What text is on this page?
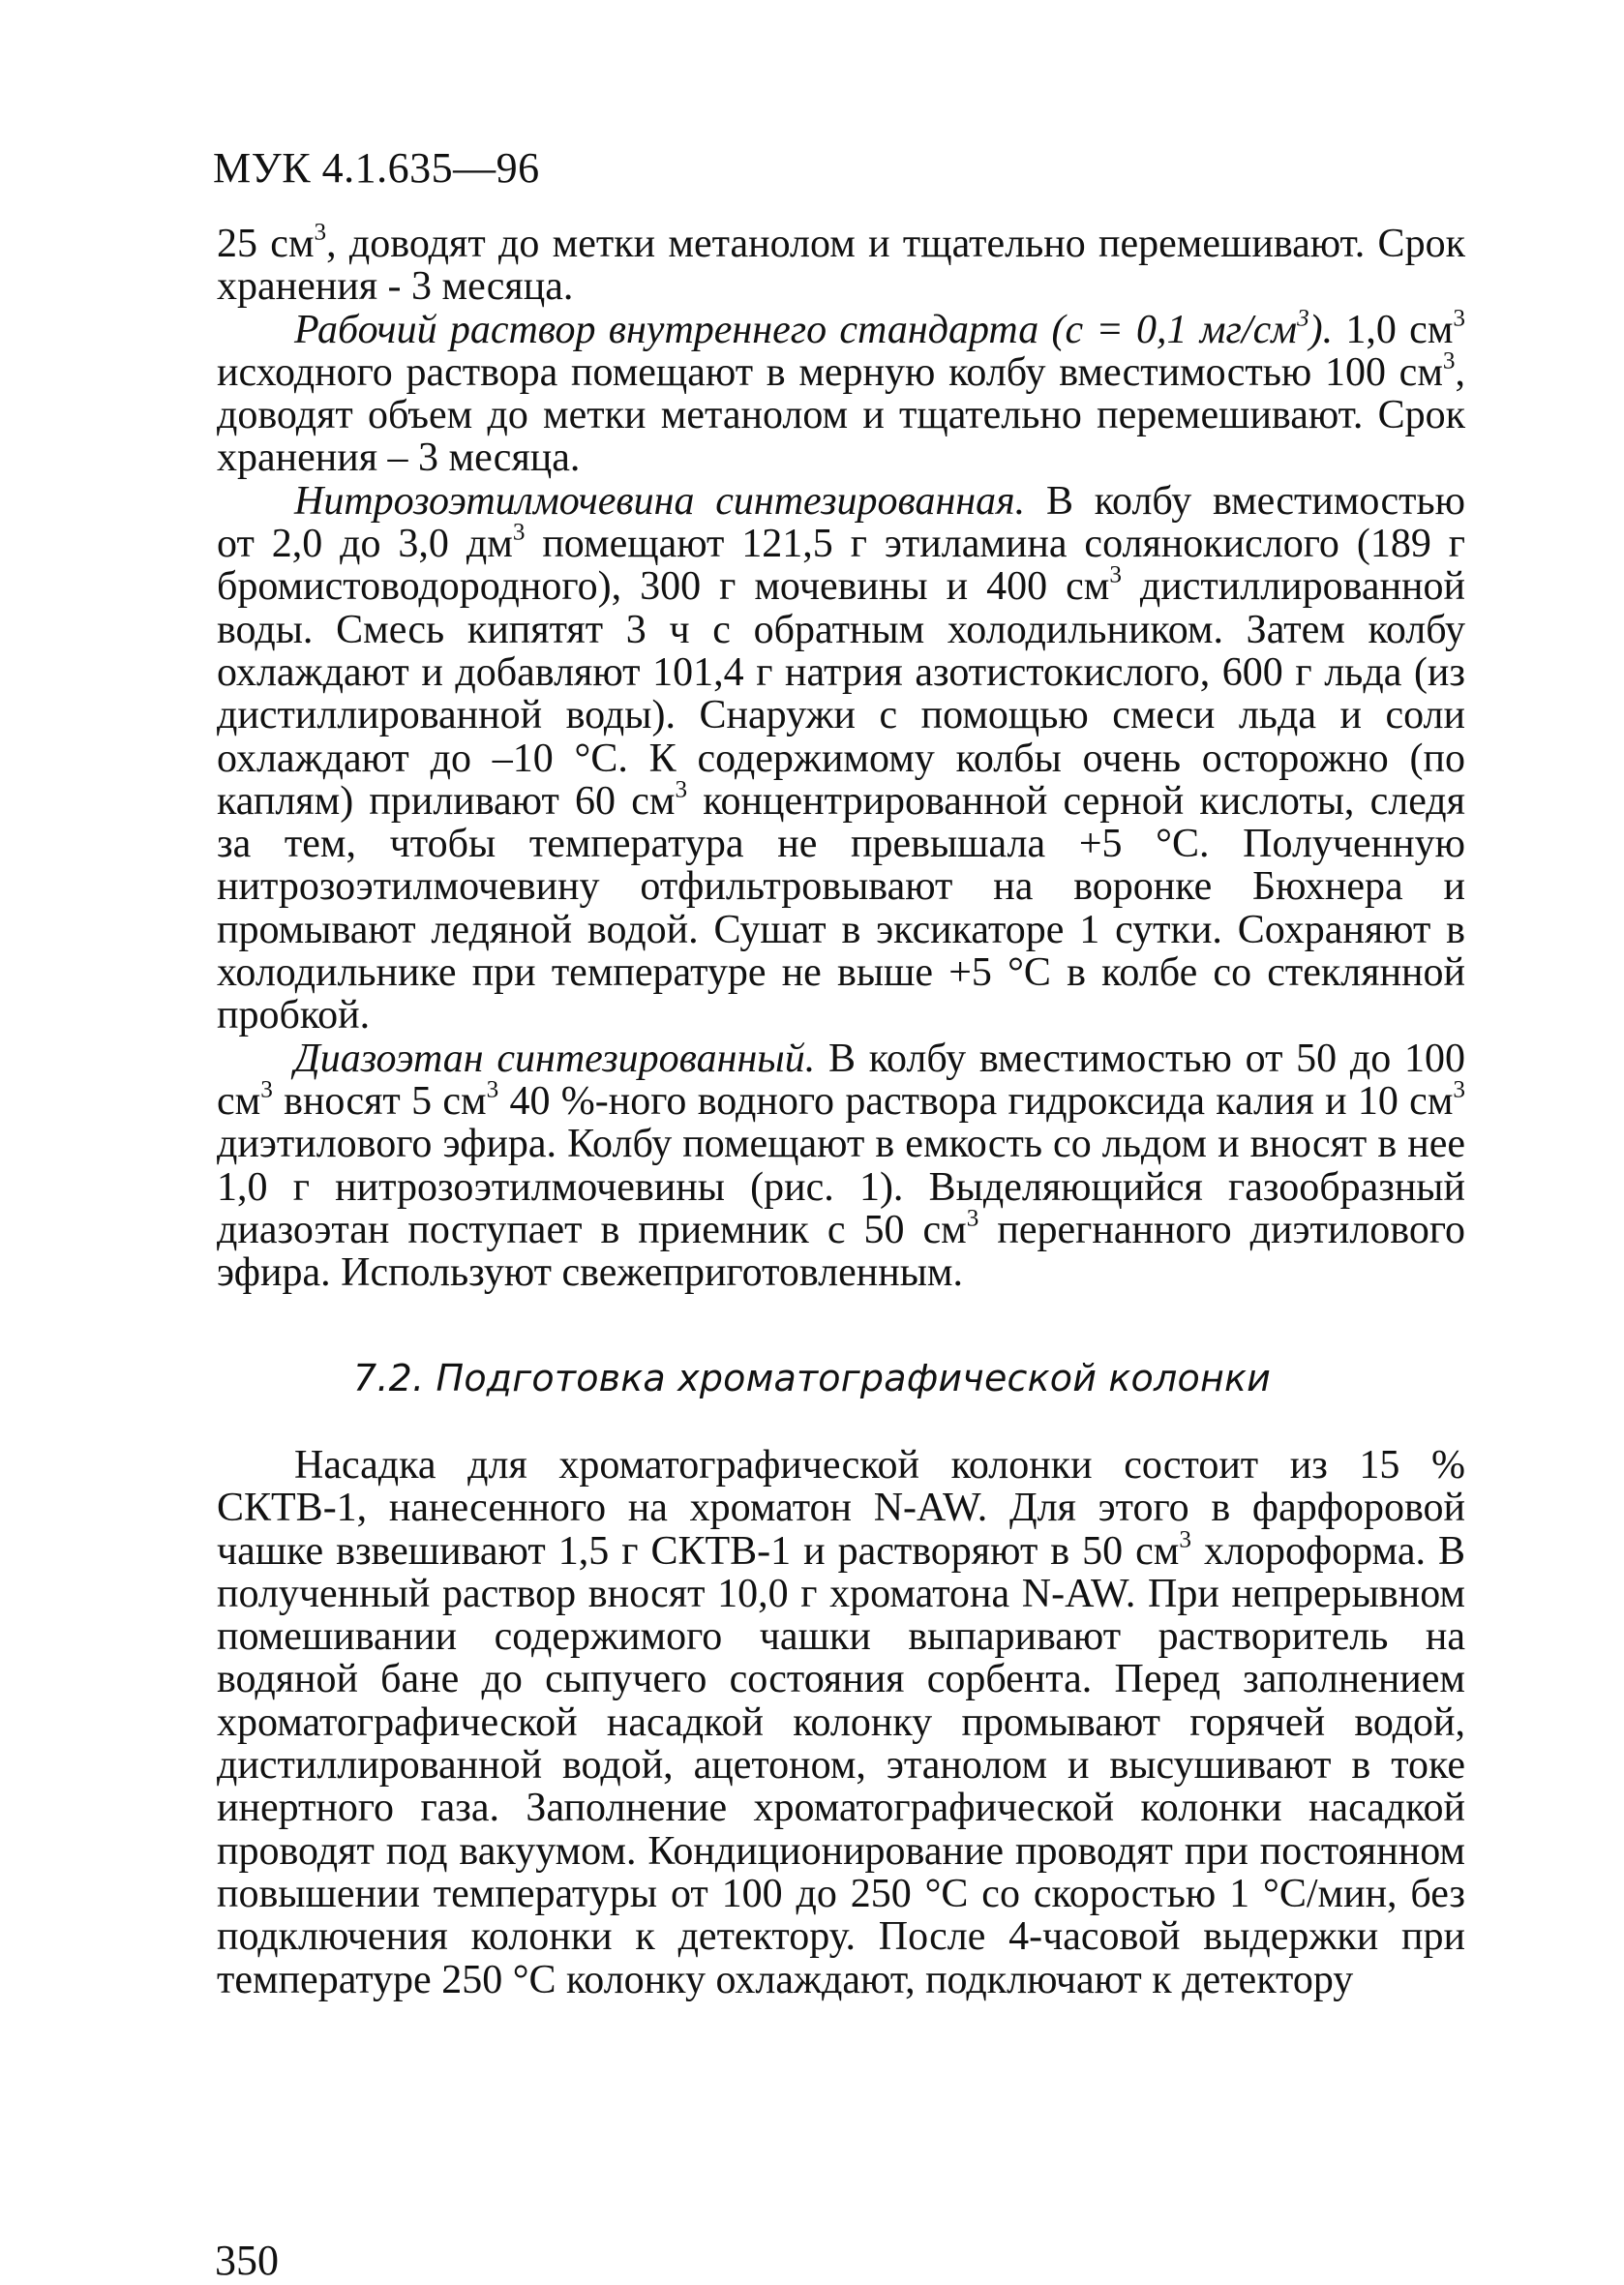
МУК 4.1.635—96

25 $см^3$, доводят до метки метанолом и тщательно перемешивают. Срок хранения - 3 месяца.

Рабочий раствор внутреннего стандарта (с = 0,1 $мг/см^3$). 1,0 $см^3$ исходного раствора помещают в мерную колбу вместимостью 100 $см^3$, доводят объем до метки метанолом и тщательно перемешивают. Срок хранения – 3 месяца.

Нитрозоэтилмочевина синтезированная. В колбу вместимостью от 2,0 до 3,0 $дм^3$ помещают 121,5 г этиламина солянокислого (189 г бромистоводородного), 300 г мочевины и 400 $см^3$ дистиллированной воды. Смесь кипятят 3 ч с обратным холодильником. Затем колбу охлаждают и добавляют 101,4 г натрия азотистокислого, 600 г льда (из дистиллированной воды). Снаружи с помощью смеси льда и соли охлаждают до –10 °С. К содержимому колбы очень осторожно (по каплям) приливают 60 $см^3$ концентрированной серной кислоты, следя за тем, чтобы температура не превышала +5 °С. Полученную нитрозоэтилмочевину отфильтровывают на воронке Бюхнера и промывают ледяной водой. Сушат в эксикаторе 1 сутки. Сохраняют в холодильнике при температуре не выше +5 °С в колбе со стеклянной пробкой.

Диазоэтан синтезированный. В колбу вместимостью от 50 до 100 $см^3$ вносят 5 $см^3$ 40 %-ного водного раствора гидроксида калия и 10 $см^3$ диэтилового эфира. Колбу помещают в емкость со льдом и вносят в нее 1,0 г нитрозоэтилмочевины (рис. 1). Выделяющийся газообразный диазоэтан поступает в приемник с 50 $см^3$ перегнанного диэтилового эфира. Используют свежеприготовленным.

7.2. Подготовка хроматографической колонки

Насадка для хроматографической колонки состоит из 15 % СКТВ-1, нанесенного на хроматон N-AW. Для этого в фарфоровой чашке взвешивают 1,5 г СКТВ-1 и растворяют в 50 $см^3$ хлороформа. В полученный раствор вносят 10,0 г хроматона N-AW. При непрерывном помешивании содержимого чашки выпаривают растворитель на водяной бане до сыпучего состояния сорбента. Перед заполнением хроматографической насадкой колонку промывают горячей водой, дистиллированной водой, ацетоном, этанолом и высушивают в токе инертного газа. Заполнение хроматографической колонки насадкой проводят под вакуумом. Кондиционирование проводят при постоянном повышении температуры от 100 до 250 °С со скоростью 1 °С/мин, без подключения колонки к детектору. После 4-часовой выдержки при температуре 250 °С колонку охлаждают, подключают к детектору

350
